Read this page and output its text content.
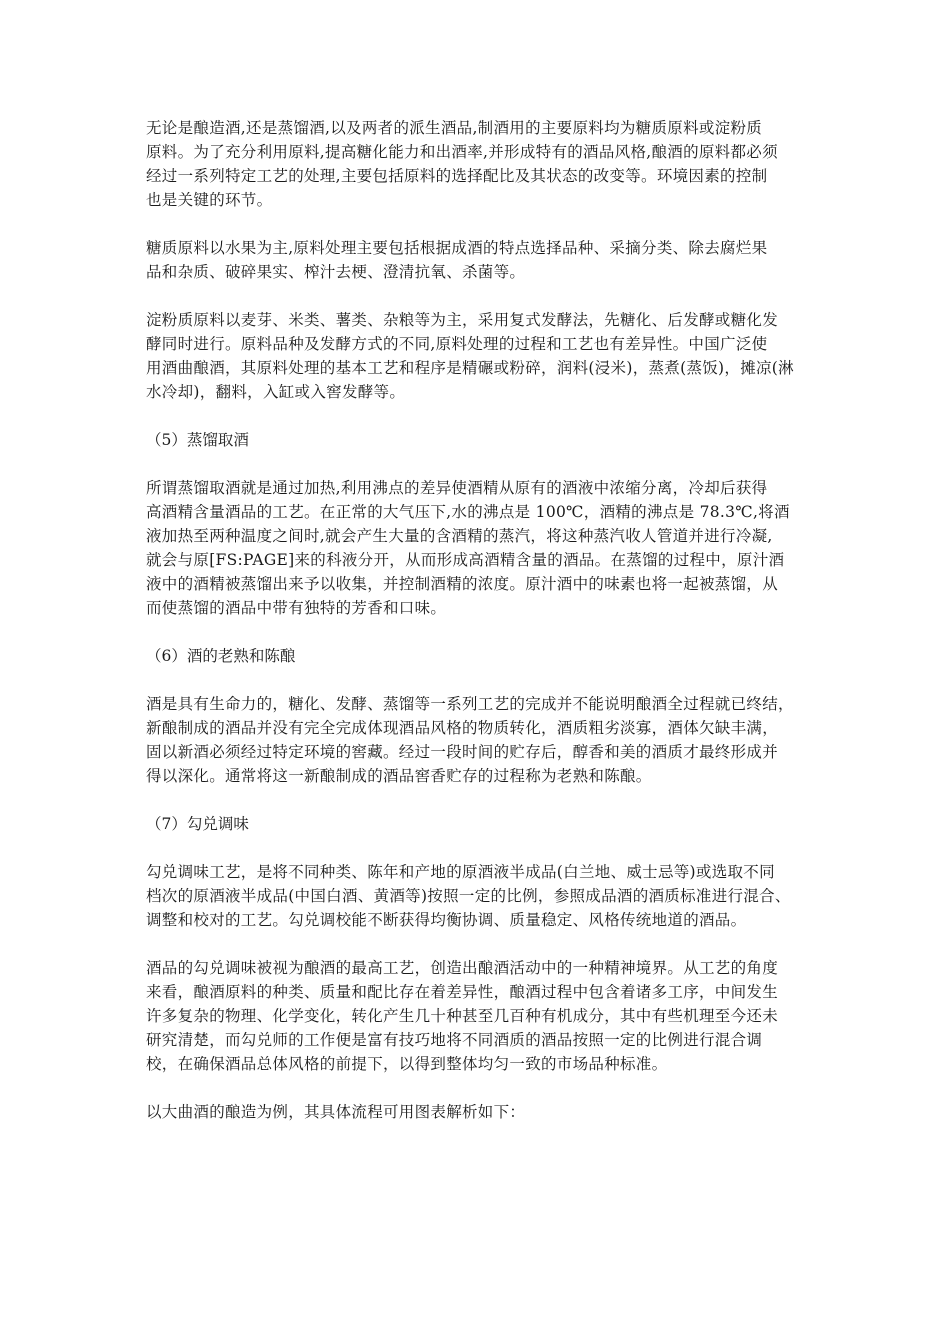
无论是酿造酒,还是蒸馏酒,以及两者的派生酒品,制酒用的主要原料均为糖质原料或淀粉质
原料。为了充分利用原料,提高糖化能力和出酒率,并形成特有的酒品风格,酿酒的原料都必须
经过一系列特定工艺的处理,主要包括原料的选择配比及其状态的改变等。环境因素的控制
也是关键的环节。

糖质原料以水果为主,原料处理主要包括根据成酒的特点选择品种、采摘分类、除去腐烂果
品和杂质、破碎果实、榨汁去梗、澄清抗氧、杀菌等。

淀粉质原料以麦芽、米类、薯类、杂粮等为主，采用复式发酵法，先糖化、后发酵或糖化发
酵同时进行。原料品种及发酵方式的不同,原料处理的过程和工艺也有差异性。中国广泛使
用酒曲酿酒，其原料处理的基本工艺和程序是精碾或粉碎，润料(浸米)，蒸煮(蒸饭)，摊凉(淋
水冷却)，翻料，入缸或入窖发酵等。

（5）蒸馏取酒

所谓蒸馏取酒就是通过加热,利用沸点的差异使酒精从原有的酒液中浓缩分离，冷却后获得
高酒精含量酒品的工艺。在正常的大气压下,水的沸点是 100℃，酒精的沸点是 78.3℃,将酒
液加热至两种温度之间时,就会产生大量的含酒精的蒸汽，将这种蒸汽收人管道并进行冷凝,
就会与原[FS:PAGE]来的科液分开，从而形成高酒精含量的酒品。在蒸馏的过程中，原汁酒
液中的酒精被蒸馏出来予以收集，并控制酒精的浓度。原汁酒中的味素也将一起被蒸馏，从
而使蒸馏的酒品中带有独特的芳香和口味。

（6）酒的老熟和陈酿

酒是具有生命力的，糖化、发酵、蒸馏等一系列工艺的完成并不能说明酿酒全过程就已终结，
新酿制成的酒品并没有完全完成体现酒品风格的物质转化，酒质粗劣淡寡，酒体欠缺丰满，
固以新酒必须经过特定环境的窖藏。经过一段时间的贮存后，醇香和美的酒质才最终形成并
得以深化。通常将这一新酿制成的酒品窖香贮存的过程称为老熟和陈酿。

（7）勾兑调味

勾兑调味工艺，是将不同种类、陈年和产地的原酒液半成品(白兰地、威士忌等)或选取不同
档次的原酒液半成品(中国白酒、黄酒等)按照一定的比例，参照成品酒的酒质标准进行混合、
调整和校对的工艺。勾兑调校能不断获得均衡协调、质量稳定、风格传统地道的酒品。

酒品的勾兑调味被视为酿酒的最高工艺，创造出酿酒活动中的一种精神境界。从工艺的角度
来看，酿酒原料的种类、质量和配比存在着差异性，酿酒过程中包含着诸多工序，中间发生
许多复杂的物理、化学变化，转化产生几十种甚至几百种有机成分，其中有些机理至今还未
研究清楚，而勾兑师的工作便是富有技巧地将不同酒质的酒品按照一定的比例进行混合调
校，在确保酒品总体风格的前提下，以得到整体均匀一致的市场品种标准。

以大曲酒的酿造为例，其具体流程可用图表解析如下：
